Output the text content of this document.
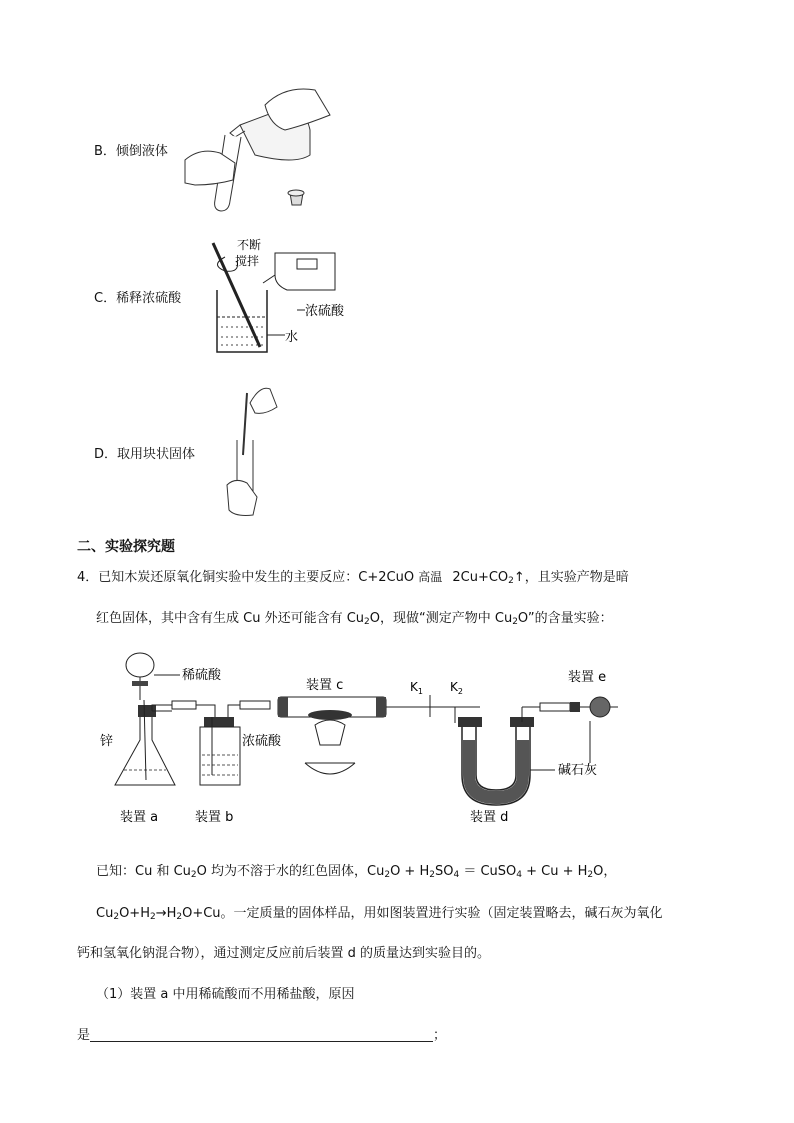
B．倾倒液体
C．稀释浓硫酸
不断
搅拌
浓硫酸
水
D．取用块状固体
二、实验探究题
4．已知木炭还原氧化铜实验中发生的主要反应：C+2CuO 高温 $2Cu+CO_2↑$，且实验产物是暗
红色固体，其中含有生成 Cu 外还可能含有 $Cu_2O$，现做“测定产物中 $Cu_2O$”的含量实验：
稀硫酸
锌	浓硫酸
装置 a	装置 b
装置 c
装置 d
装置 e
$K_1$ $K_2$
碱石灰
已知：Cu 和 $Cu_2O$ 均为不溶于水的红色固体，$Cu_2O + H_2SO_4$ ＝ CuSO$_4$ + $Cu + H_2O$，
$Cu_2O+H_2\to H_2O+Cu$。一定质量的固体样品，用如图装置进行实验（固定装置略去，碱石灰为氧化
钙和氢氧化钠混合物），通过测定反应前后装置 d 的质量达到实验目的。
（1）装置 a 中用稀硫酸而不用稀盐酸，原因
是	；
